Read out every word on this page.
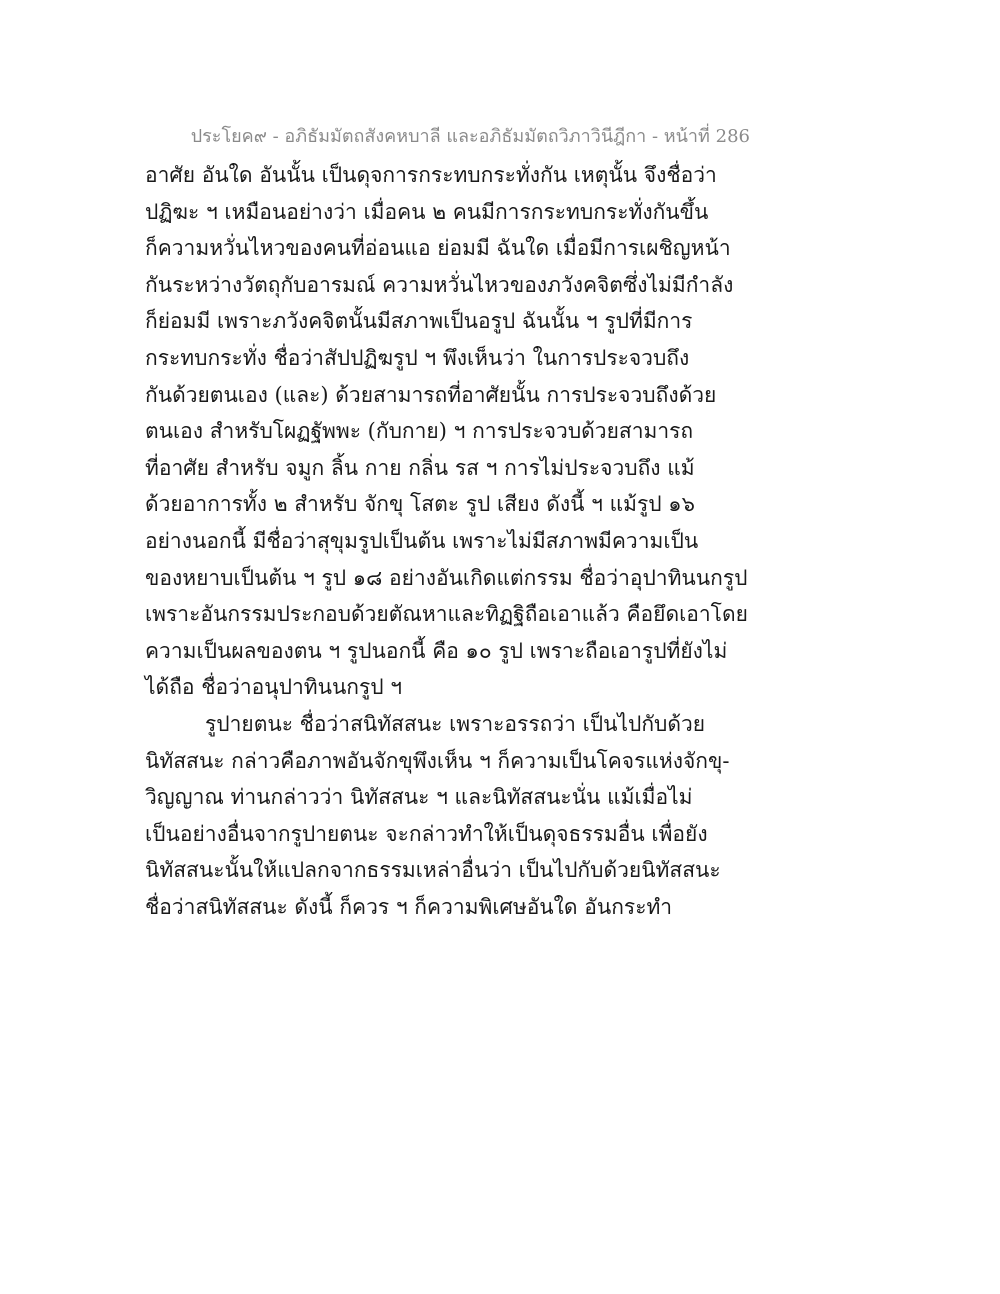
ประโยค๙ - อภิธัมมัตถสังคหบาลี และอภิธัมมัตถวิภาวินีฎีกา - หน้าที่ 286
อาศัย อันใด อันนั้น เป็นดุจการกระทบกระทั่งกัน เหตุนั้น จึงชื่อว่า
ปฏิฆะ ฯ เหมือนอย่างว่า เมื่อคน ๒ คนมีการกระทบกระทั่งกันขึ้น
ก็ความหวั่นไหวของคนที่อ่อนแอ ย่อมมี ฉันใด เมื่อมีการเผชิญหน้า
กันระหว่างวัตถุกับอารมณ์ ความหวั่นไหวของภวังคจิตซึ่งไม่มีกำลัง
ก็ย่อมมี เพราะภวังคจิตนั้นมีสภาพเป็นอรูป ฉันนั้น ฯ รูปที่มีการ
กระทบกระทั่ง ชื่อว่าสัปปฏิฆรูป ฯ พึงเห็นว่า ในการประจวบถึง
กันด้วยตนเอง (และ) ด้วยสามารถที่อาศัยนั้น การประจวบถึงด้วย
ตนเอง สำหรับโผฏฐัพพะ (กับกาย) ฯ การประจวบด้วยสามารถ
ที่อาศัย สำหรับ จมูก ลิ้น กาย กลิ่น รส ฯ การไม่ประจวบถึง แม้
ด้วยอาการทั้ง ๒ สำหรับ จักขุ โสตะ รูป เสียง ดังนี้ ฯ แม้รูป ๑๖
อย่างนอกนี้ มีชื่อว่าสุขุมรูปเป็นต้น เพราะไม่มีสภาพมีความเป็น
ของหยาบเป็นต้น ฯ รูป ๑๘ อย่างอันเกิดแต่กรรม ชื่อว่าอุปาทินนกรูป
เพราะอันกรรมประกอบด้วยตัณหาและทิฏฐิถือเอาแล้ว คือยึดเอาโดย
ความเป็นผลของตน ฯ รูปนอกนี้ คือ ๑๐ รูป เพราะถือเอารูปที่ยังไม่
ได้ถือ ชื่อว่าอนุปาทินนกรูป ฯ
รูปายตนะ ชื่อว่าสนิทัสสนะ เพราะอรรถว่า เป็นไปกับด้วย
นิทัสสนะ กล่าวคือภาพอันจักขุพึงเห็น ฯ ก็ความเป็นโคจรแห่งจักขุ-
วิญญาณ ท่านกล่าวว่า นิทัสสนะ ฯ และนิทัสสนะนั่น แม้เมื่อไม่
เป็นอย่างอื่นจากรูปายตนะ จะกล่าวทำให้เป็นดุจธรรมอื่น เพื่อยัง
นิทัสสนะนั้นให้แปลกจากธรรมเหล่าอื่นว่า เป็นไปกับด้วยนิทัสสนะ
ชื่อว่าสนิทัสสนะ ดังนี้ ก็ควร ฯ ก็ความพิเศษอันใด อันกระทำ
